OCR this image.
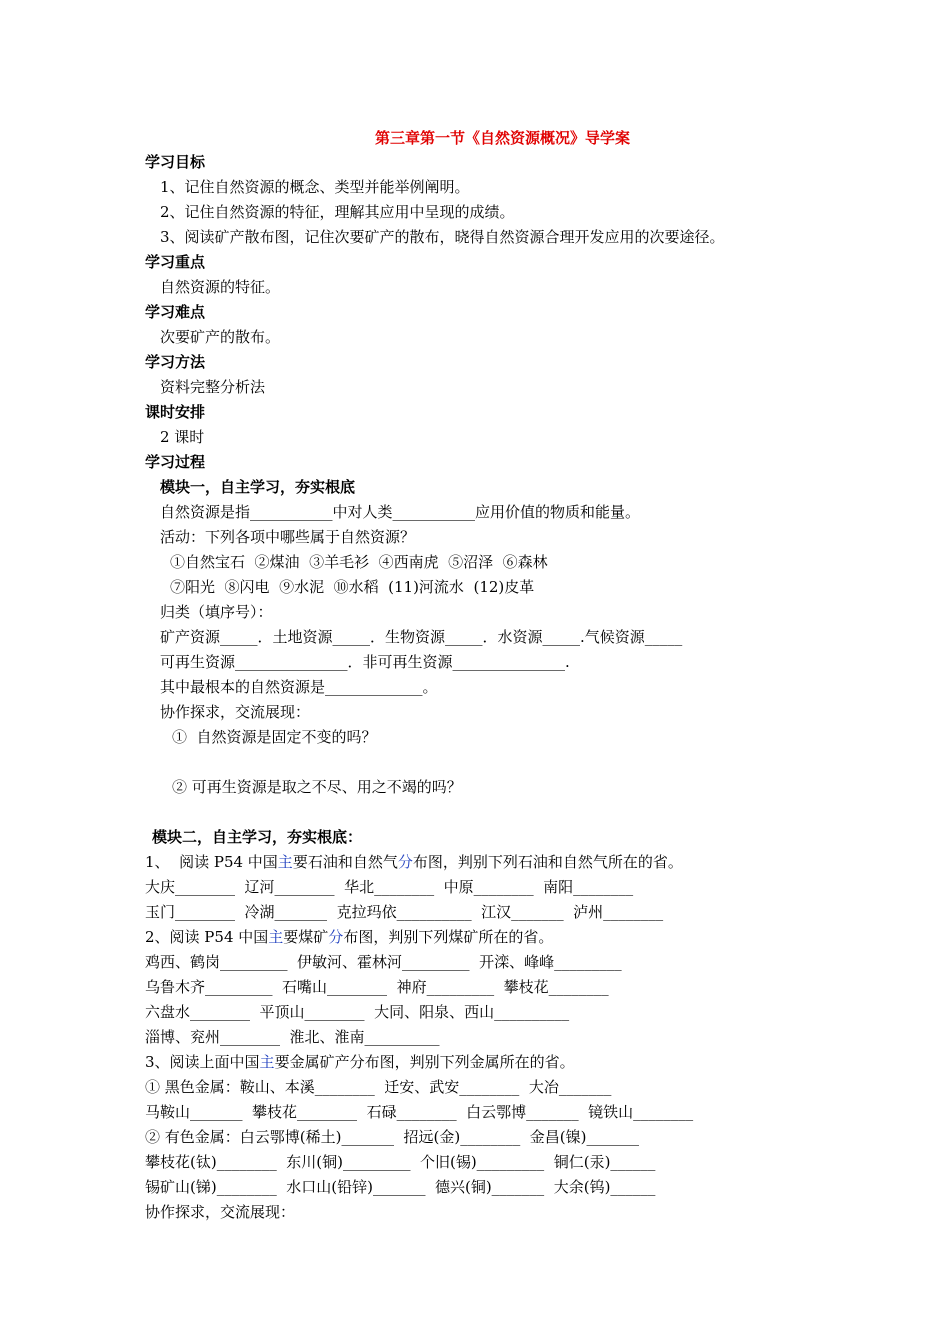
第三章第一节《自然资源概况》导学案
学习目标
1、记住自然资源的概念、类型并能举例阐明。
2、记住自然资源的特征，理解其应用中呈现的成绩。
3、阅读矿产散布图，记住次要矿产的散布，晓得自然资源合理开发应用的次要途径。
学习重点
自然资源的特征。
学习难点
次要矿产的散布。
学习方法
资料完整分析法
课时安排
2 课时
学习过程
模块一，自主学习，夯实根底
自然资源是指___________中对人类___________应用价值的物质和能量。
活动：下列各项中哪些属于自然资源？
①自然宝石  ②煤油  ③羊毛衫  ④西南虎  ⑤沼泽  ⑥森林
⑦阳光  ⑧闪电  ⑨水泥  ⑩水稻  (11)河流水  (12)皮革
归类（填序号）：
矿产资源_____．土地资源_____．生物资源_____．水资源_____.气候资源_____
可再生资源_______________．非可再生资源_______________.
其中最根本的自然资源是_____________。
协作探求，交流展现：
①  自然资源是固定不变的吗？
② 可再生资源是取之不尽、用之不竭的吗？
模块二，自主学习，夯实根底：
1、  阅读 P54 中国主要石油和自然气分布图，判别下列石油和自然气所在的省。
大庆________  辽河________  华北________  中原________  南阳________
玉门________  冷湖_______  克拉玛依__________  江汉_______  泸州________
2、阅读 P54 中国主要煤矿分布图，判别下列煤矿所在的省。
鸡西、鹤岗_________  伊敏河、霍林河_________  开滦、峰峰_________
乌鲁木齐_________  石嘴山________  神府_________  攀枝花________
六盘水________  平顶山________  大同、阳泉、西山__________
淄博、兖州________  淮北、淮南__________
3、阅读上面中国主要金属矿产分布图，判别下列金属所在的省。
① 黑色金属：鞍山、本溪________  迁安、武安________  大冶_______
马鞍山_______  攀枝花________  石碌________  白云鄂博_______  镜铁山________
② 有色金属：白云鄂博(稀土)_______  招远(金)________  金昌(镍)_______
攀枝花(钛)________  东川(铜)_________  个旧(锡)_________  铜仁(汞)______
锡矿山(锑)________  水口山(铅锌)_______  德兴(铜)_______  大余(钨)______
协作探求，交流展现：
